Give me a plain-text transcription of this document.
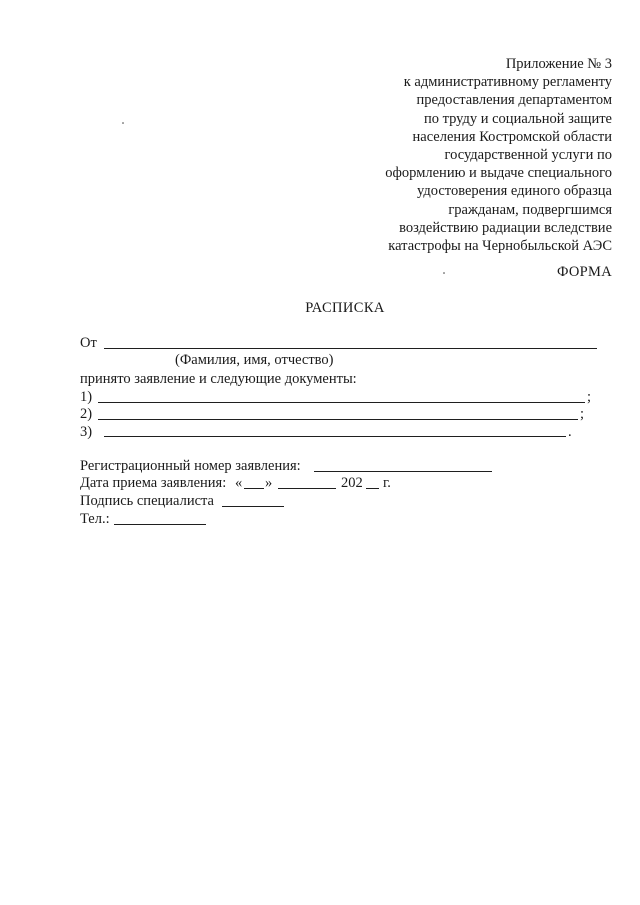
Приложение № 3
к административному регламенту
предоставления департаментом
по труду и социальной защите
населения Костромской области
государственной услуги по
оформлению и выдаче специального
удостоверения единого образца
гражданам, подвергшимся
воздействию радиации вследствие
катастрофы на Чернобыльской АЭС
ФОРМА
РАСПИСКА
От
(Фамилия, имя, отчество)
принято заявление и следующие документы:
1)	;
2)	;
3)	.
Регистрационный номер заявления:
Дата приема заявления: « »	202 г.
Подпись специалиста
Тел.:
